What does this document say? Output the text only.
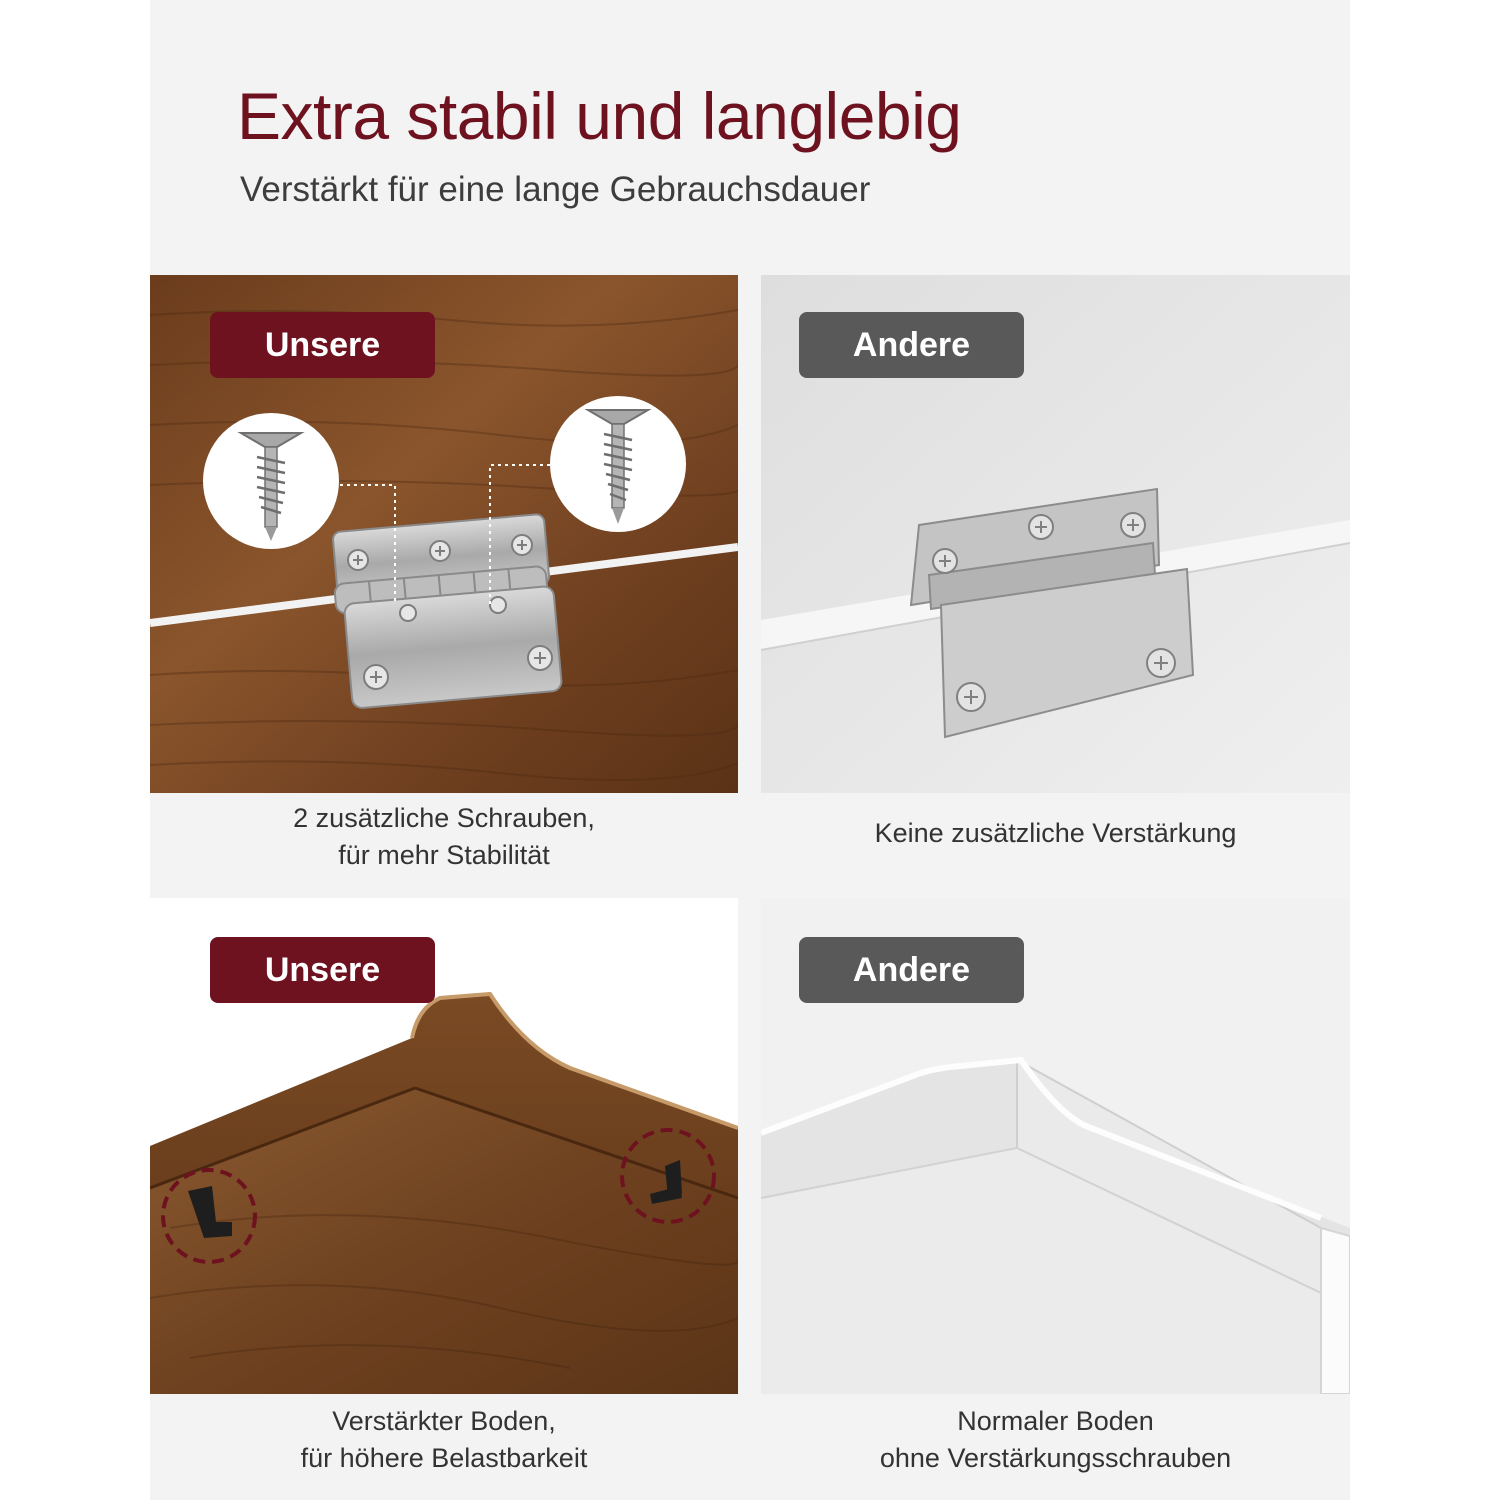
Extra stabil und langlebig
Verstärkt für eine lange Gebrauchsdauer
Unsere	Andere
2 zusätzliche Schrauben,
für mehr Stabilität
Keine zusätzliche Verstärkung
Unsere	Andere
Verstärkter Boden,
für höhere Belastbarkeit
Normaler Boden
ohne Verstärkungsschrauben
